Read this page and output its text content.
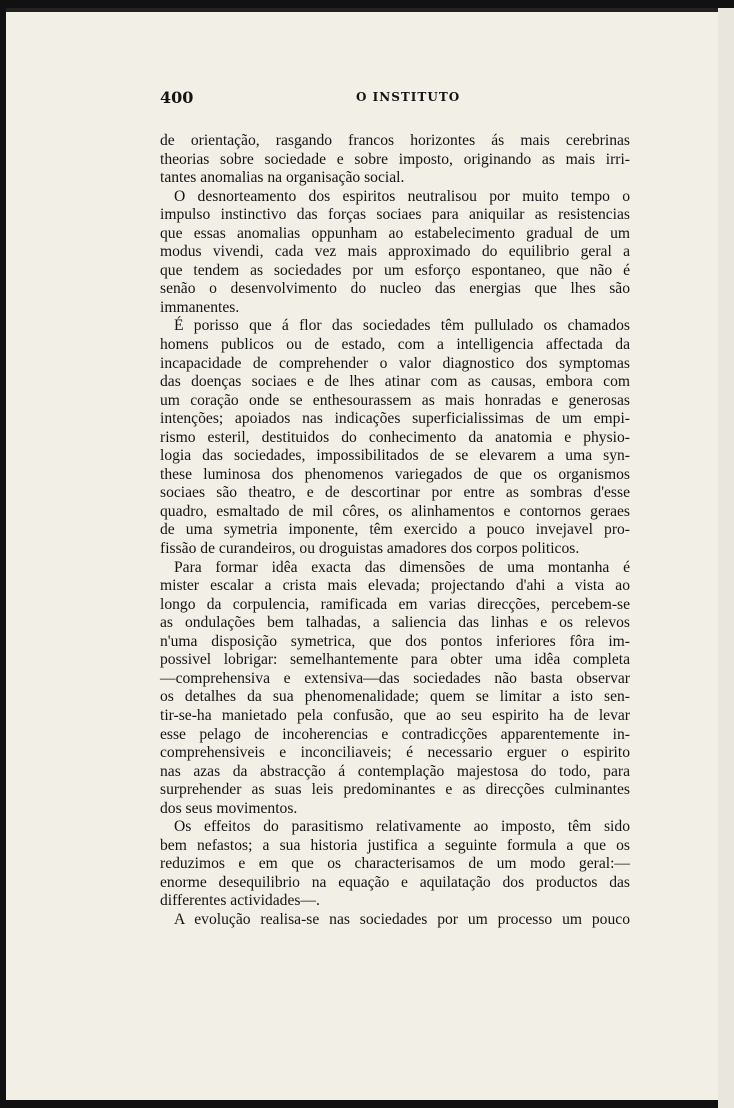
400	O INSTITUTO
de orientação, rasgando francos horizontes ás mais cerebrinas
theorias sobre sociedade e sobre imposto, originando as mais irri-
tantes anomalias na organisação social.
O desnorteamento dos espiritos neutralisou por muito tempo o
impulso instinctivo das forças sociaes para aniquilar as resistencias
que essas anomalias oppunham ao estabelecimento gradual de um
modus vivendi, cada vez mais approximado do equilibrio geral a
que tendem as sociedades por um esforço espontaneo, que não é
senão o desenvolvimento do nucleo das energias que lhes são
immanentes.
É porisso que á flor das sociedades têm pullulado os chamados
homens publicos ou de estado, com a intelligencia affectada da
incapacidade de comprehender o valor diagnostico dos symptomas
das doenças sociaes e de lhes atinar com as causas, embora com
um coração onde se enthesourassem as mais honradas e generosas
intenções; apoiados nas indicações superficialissimas de um empi-
rismo esteril, destituidos do conhecimento da anatomia e physio-
logia das sociedades, impossibilitados de se elevarem a uma syn-
these luminosa dos phenomenos variegados de que os organismos
sociaes são theatro, e de descortinar por entre as sombras d'esse
quadro, esmaltado de mil côres, os alinhamentos e contornos geraes
de uma symetria imponente, têm exercido a pouco invejavel pro-
fissão de curandeiros, ou droguistas amadores dos corpos politicos.
Para formar idêa exacta das dimensões de uma montanha é
mister escalar a crista mais elevada; projectando d'ahi a vista ao
longo da corpulencia, ramificada em varias direcções, percebem-se
as ondulações bem talhadas, a saliencia das linhas e os relevos
n'uma disposição symetrica, que dos pontos inferiores fôra im-
possivel lobrigar: semelhantemente para obter uma idêa completa
—comprehensiva e extensiva—das sociedades não basta observar
os detalhes da sua phenomenalidade; quem se limitar a isto sen-
tir-se-ha manietado pela confusão, que ao seu espirito ha de levar
esse pelago de incoherencias e contradicções apparentemente in-
comprehensiveis e inconciliaveis; é necessario erguer o espirito
nas azas da abstracção á contemplação majestosa do todo, para
surprehender as suas leis predominantes e as direcções culminantes
dos seus movimentos.
Os effeitos do parasitismo relativamente ao imposto, têm sido
bem nefastos; a sua historia justifica a seguinte formula a que os
reduzimos e em que os characterisamos de um modo geral:—
enorme desequilibrio na equação e aquilatação dos productos das
differentes actividades—.
A evolução realisa-se nas sociedades por um processo um pouco
